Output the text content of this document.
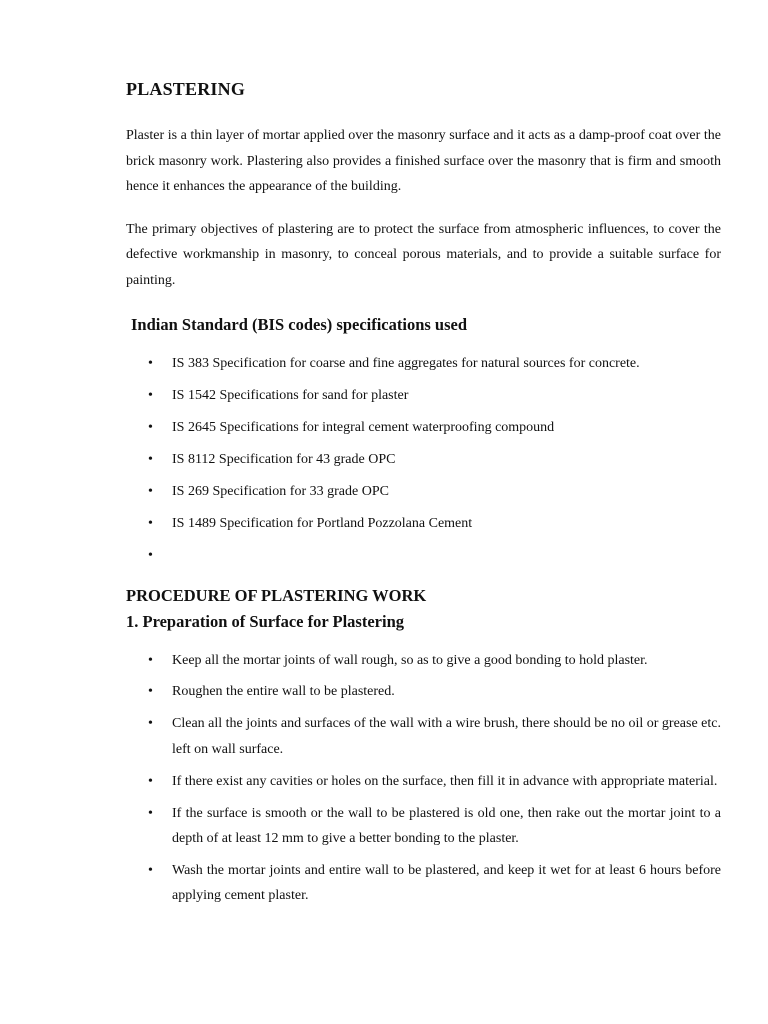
PLASTERING

Plaster is a thin layer of mortar applied over the masonry surface and it acts as a damp-proof coat over the brick masonry work. Plastering also provides a finished surface over the masonry that is firm and smooth hence it enhances the appearance of the building.

The primary objectives of plastering are to protect the surface from atmospheric influences, to cover the defective workmanship in masonry, to conceal porous materials, and to provide a suitable surface for painting.

Indian Standard (BIS codes) specifications used
• IS 383 Specification for coarse and fine aggregates for natural sources for concrete.
• IS 1542 Specifications for sand for plaster
• IS 2645 Specifications for integral cement waterproofing compound
• IS 8112 Specification for 43 grade OPC
• IS 269 Specification for 33 grade OPC
• IS 1489 Specification for Portland Pozzolana Cement
•
PROCEDURE OF PLASTERING WORK
1. Preparation of Surface for Plastering
• Keep all the mortar joints of wall rough, so as to give a good bonding to hold plaster.
• Roughen the entire wall to be plastered.
• Clean all the joints and surfaces of the wall with a wire brush, there should be no oil or grease etc. left on wall surface.
• If there exist any cavities or holes on the surface, then fill it in advance with appropriate material.
• If the surface is smooth or the wall to be plastered is old one, then rake out the mortar joint to a depth of at least 12 mm to give a better bonding to the plaster.
• Wash the mortar joints and entire wall to be plastered, and keep it wet for at least 6 hours before applying cement plaster.
